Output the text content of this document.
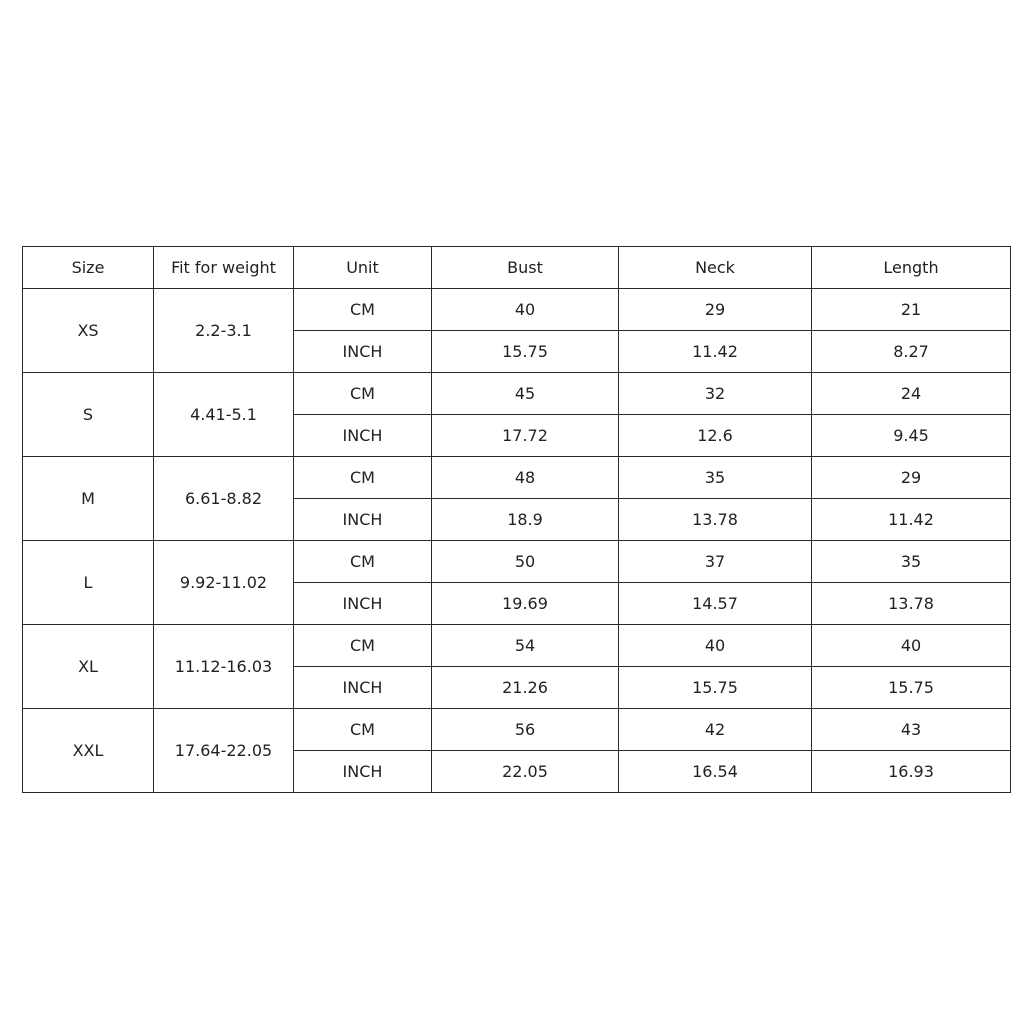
Size	Fit for weight	Unit	Bust	Neck	Length
XS	2.2-3.1	CM	40	29	21
		INCH	15.75	11.42	8.27
S	4.41-5.1	CM	45	32	24
		INCH	17.72	12.6	9.45
M	6.61-8.82	CM	48	35	29
		INCH	18.9	13.78	11.42
L	9.92-11.02	CM	50	37	35
		INCH	19.69	14.57	13.78
XL	11.12-16.03	CM	54	40	40
		INCH	21.26	15.75	15.75
XXL	17.64-22.05	CM	56	42	43
		INCH	22.05	16.54	16.93
